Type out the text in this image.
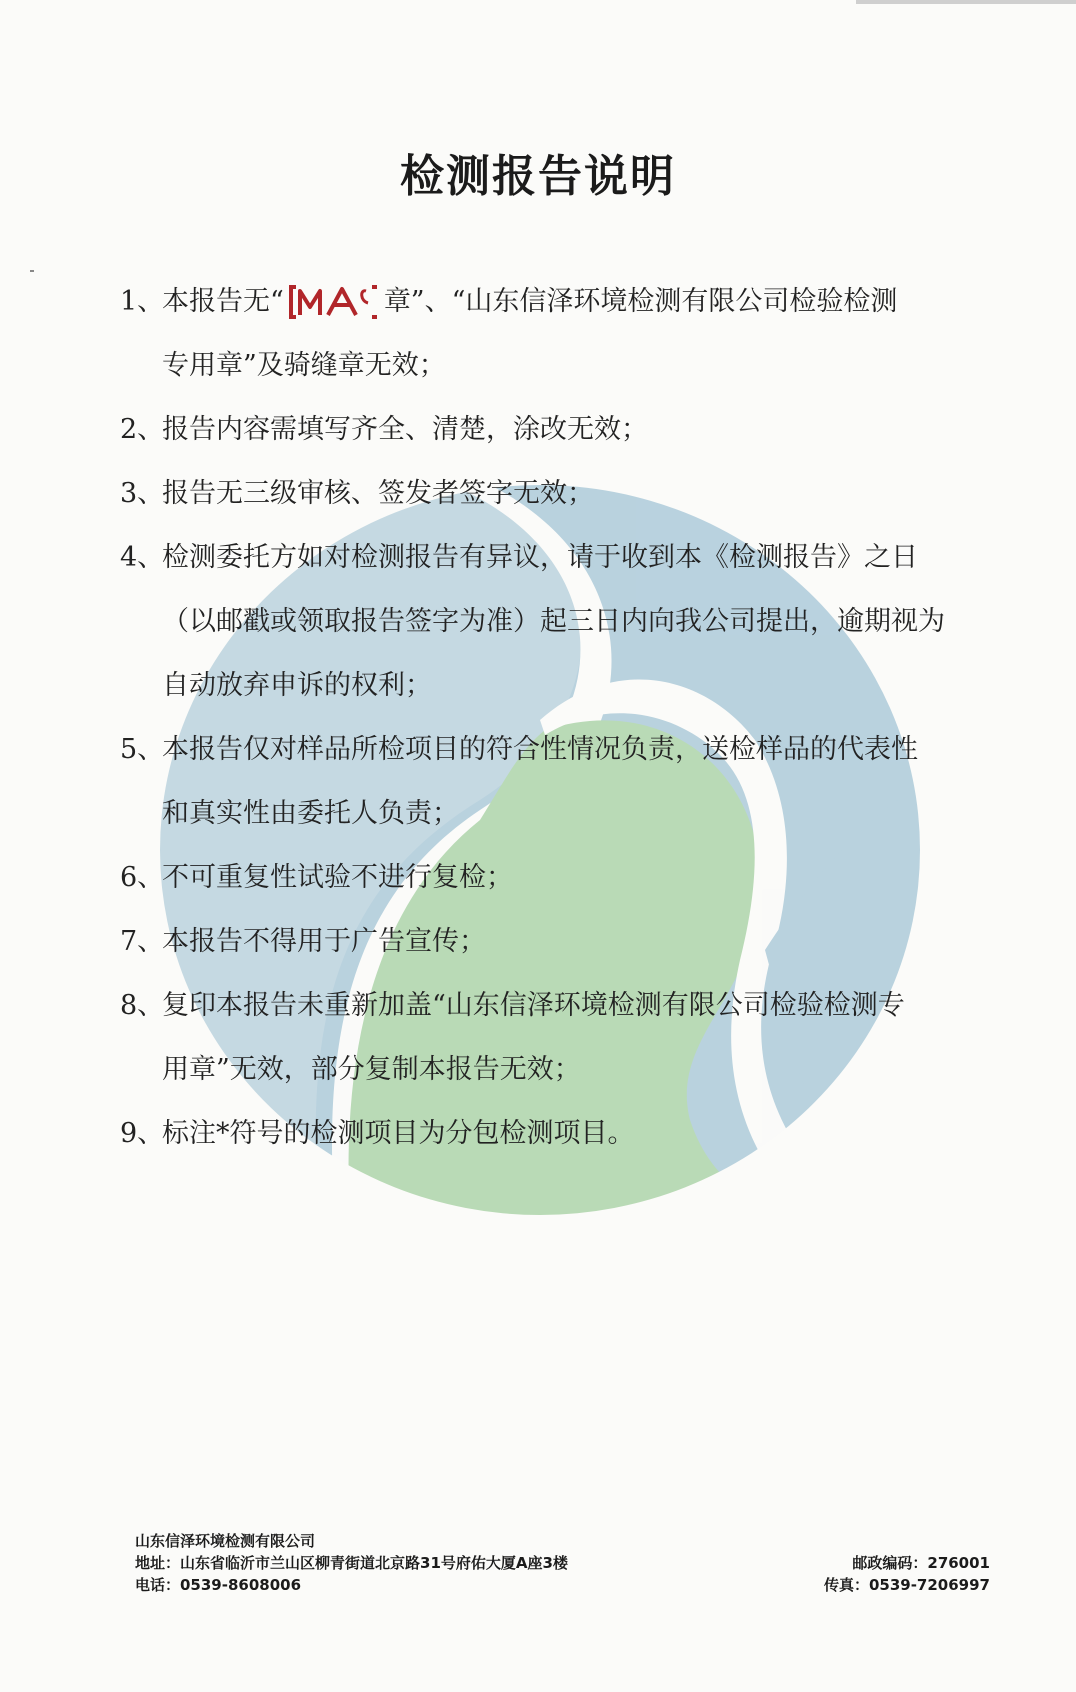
检测报告说明
1、
本报告无“	章”、“山东信泽环境检测有限公司检验检测
专用章”及骑缝章无效；
2、
报告内容需填写齐全、清楚，涂改无效；
3、
报告无三级审核、签发者签字无效；
4、
检测委托方如对检测报告有异议，请于收到本《检测报告》之日
（以邮戳或领取报告签字为准）起三日内向我公司提出，逾期视为
自动放弃申诉的权利；
5、
本报告仅对样品所检项目的符合性情况负责，送检样品的代表性
和真实性由委托人负责；
6、
不可重复性试验不进行复检；
7、
本报告不得用于广告宣传；
8、
复印本报告未重新加盖“山东信泽环境检测有限公司检验检测专
用章”无效，部分复制本报告无效；
9、
标注*符号的检测项目为分包检测项目。
山东信泽环境检测有限公司
地址：山东省临沂市兰山区柳青街道北京路31号府佑大厦A座3楼
电话：0539-8608006
邮政编码：276001
传真：0539-7206997
